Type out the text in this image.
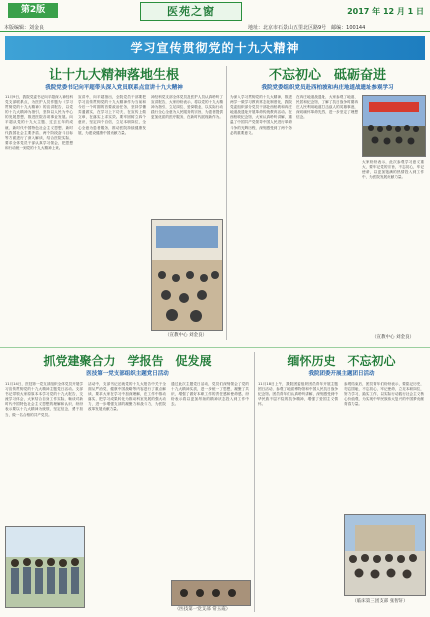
第2版	医苑之窗	2017 年 12 月 1 日
本版编辑：刘金良	地址：北京市石景山五里北区路9号　邮编：100144
学习宣传贯彻党的十九大精神
让十九大精神落地生根
我院党委书记向平超带头深入党员联系点宣讲十九大精神
11月9日，我院党委书记向平超深入神经科党支部联系点，为医护人员作题为《学习贯彻党的十九大精神》的宣讲报告，以党的十九大精神为指引，坚持以人民为中心的发展思想，推进医院各项事业发展。向平超从党的十九大主题、过去五年的成就、新时代中国特色社会主义思想、新时代我国社会主要矛盾、两个阶段奋斗目标等方面进行了深入解读，结合医院实际，要求全体党员干部认真学习领会，把思想和行动统一到党的十九大精神上来。
宣讲中，向平超指出，全院党员干部要把学习宣传贯彻党的十九大精神作为当前和今后一个时期的首要政治任务，坚持学懂弄通做实，在学习上下功夫，在宣传上做文章，在落实上求实效。要牢固树立四个意识，坚定四个自信，立足本职岗位，全心全意为患者服务，推动医院持续健康发展，为建设健康中国贡献力量。
神经科党支部全体党员及医护人员认真聆听了宣讲报告，大家纷纷表示，将以党的十九大精神为指引，立足岗位、爱岗敬业，以实际行动践行全心全意为人民服务的宗旨，为患者提供更加优质的医疗服务，在新时代展现新作为。
（宣教中心 刘金良）
不忘初心　砥砺奋进
我院党委组织党员赴西柏坡和冉庄地道战遗址参观学习
为深入学习贯彻党的十九大精神，推进两学一做学习教育常态化制度化，我院党委组织部分党员干部赴西柏坡和冉庄地道战遗址开展革命传统教育活动。在西柏坡纪念馆，大家认真聆听讲解，重温了中国共产党领导中国人民进行革命斗争的光辉历程，深刻感受到了两个务必的重要意义。
在冉庄地道战遗址，大家参观了地道、民居和纪念馆，了解了抗日战争时期冉庄人民利用地道打击敌人的英雄事迹，深切缅怀革命先烈，进一步坚定了理想信念。
大家纷纷表示，此次参观学习意义重大，要牢记党的宗旨，不忘初心，牢记使命，以更加饱满的热情投入到工作中，为医院发展贡献力量。
（宣教中心 刘金良）
抓党建聚合力　学报告　促发展
医技第一党支部组织主题党日活动
11月14日，医技第一党支部组织全体党员开展学习宣传贯彻党的十九大精神主题党日活动。支部书记带领大家原原本本学习党的十九大报告，交流学习体会，大家结合自身工作实际，畅谈对新时代中国特色社会主义思想的理解和认识，纷纷表示要以十九大精神为统领，坚定信念，勇于担当，做一名合格的共产党员。
活动中，支部书记还就党的十九大报告中关于全面从严治党、健康中国战略等内容进行了重点解读，要求大家在学习中加深理解，在工作中推动落实，把学习成果转化为推动科室发展的强大动力，进一步增强支部的凝聚力和战斗力，为医院改革发展贡献力量。
通过此次主题党日活动，党员们深刻领会了党的十九大精神实质，进一步统一了思想，凝聚了共识，增强了做好本职工作的责任感和使命感，纷纷表示将以更加昂扬的精神状态投入到工作中去。
（医技第一党支部 常玉霞）
缅怀历史　不忘初心
我院团委开展主题团日活动
11月18日上午，我院团委组织团员青年开展主题团日活动，参观了地质博物馆和中国人民抗日战争纪念馆。团员青年们认真聆听讲解，深刻感受到中华民族不屈不挠的抗争精神，增强了爱国主义情怀。
参观结束后，团员青年们纷纷表示，要铭记历史，勿忘国耻，不忘初心，牢记使命，立足本职岗位，努力学习，踏实工作，以实际行动践行社会主义核心价值观，为实现中华民族伟大复兴的中国梦贡献青春力量。
（临床第三团支部 张智轩）
